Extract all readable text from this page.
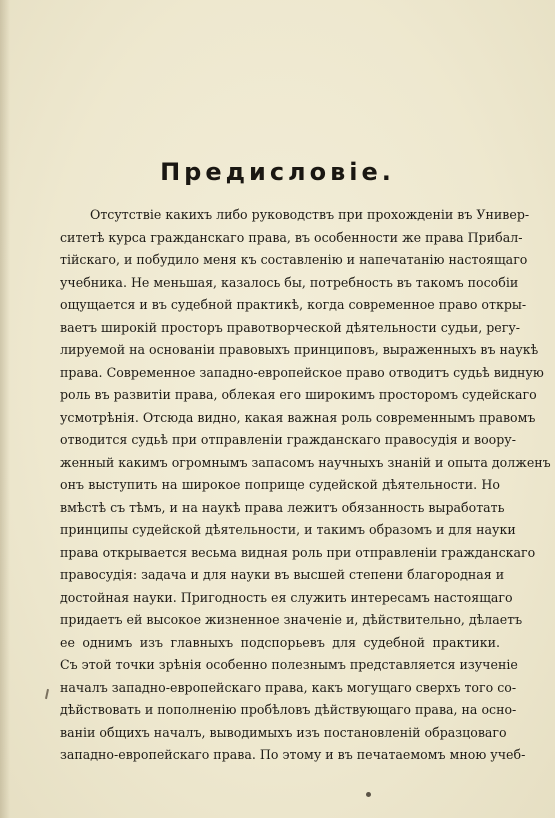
Предисловіе.
Отсутствіе какихъ либо руководствъ при прохожденіи въ Универ-
ситетѣ курса гражданскаго права, въ особенности же права Прибал-
тійскаго, и побудило меня къ составленію и напечатанію настоящаго
учебника. Не меньшая, казалось бы, потребность въ такомъ пособіи
ощущается и въ судебной практикѣ, когда современное право откры-
ваетъ широкій просторъ правотворческой дѣятельности судьи, регу-
лируемой на основаніи правовыхъ принциповъ, выраженныхъ въ наукѣ
права. Современное западно-европейское право отводитъ судьѣ видную
роль въ развитіи права, облекая его широкимъ просторомъ судейскаго
усмотрѣнія. Отсюда видно, какая важная роль современнымъ правомъ
отводится судьѣ при отправленіи гражданскаго правосудія и воору-
женный какимъ огромнымъ запасомъ научныхъ знаній и опыта долженъ
онъ выступить на широкое поприще судейской дѣятельности. Но
вмѣстѣ съ тѣмъ, и на наукѣ права лежитъ обязанность выработать
принципы судейской дѣятельности, и такимъ образомъ и для науки
права открывается весьма видная роль при отправленіи гражданскаго
правосудія: задача и для науки въ высшей степени благородная и
достойная науки. Пригодность ея служить интересамъ настоящаго
придаетъ ей высокое жизненное значеніе и, дѣйствительно, дѣлаетъ
ее однимъ изъ главныхъ подспорьевъ для судебной практики.
Съ этой точки зрѣнія особенно полезнымъ представляется изученіе
началъ западно-европейскаго права, какъ могущаго сверхъ того со-
дѣйствовать и пополненію пробѣловъ дѣйствующаго права, на осно-
ваніи общихъ началъ, выводимыхъ изъ постановленій образцоваго
западно-европейскаго права. По этому и въ печатаемомъ мною учеб-
